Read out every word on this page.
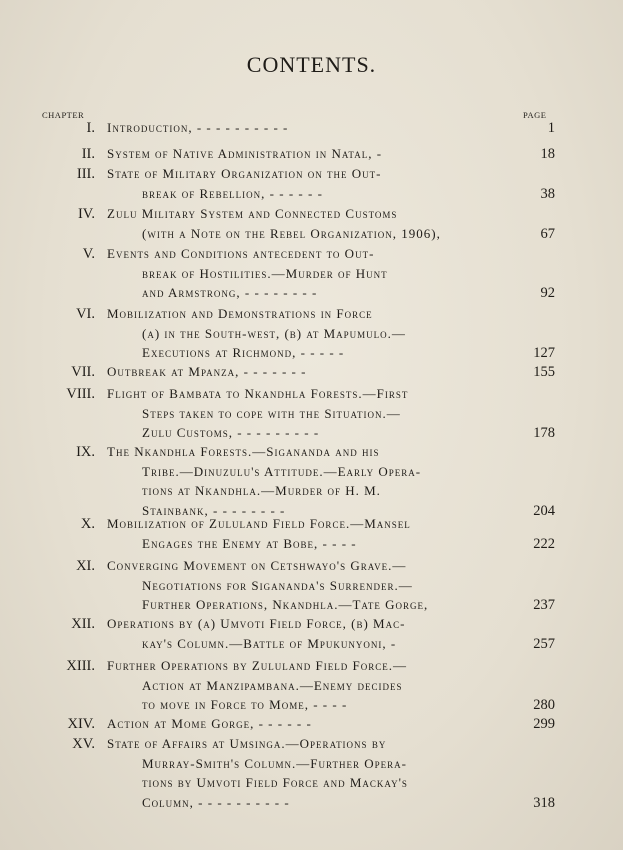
CONTENTS.
CHAPTER	PAGE
I. Introduction, - - - - - - - - - -	1
II. System of Native Administration in Natal, -	18
III. State of Military Organization on the Out-
break of Rebellion, - - - - - -	38
IV. Zulu Military System and Connected Customs
(with a Note on the Rebel Organization, 1906),	67
V. Events and Conditions antecedent to Out-
break of Hostilities.—Murder of Hunt
and Armstrong, - - - - - - - -	92
VI. Mobilization and Demonstrations in Force
(a) in the South-west, (b) at Mapumulo.—
Executions at Richmond, - - - - -	127
VII. Outbreak at Mpanza, - - - - - - -	155
VIII. Flight of Bambata to Nkandhla Forests.—First
Steps taken to cope with the Situation.—
Zulu Customs, - - - - - - - - -	178
IX. The Nkandhla Forests.—Siganandа and his
Tribe.—Dinuzulu's Attitude.—Early Opera-
tions at Nkandhla.—Murder of H. M.
Stainbank, - - - - - - - -	204
X. Mobilization of Zululand Field Force.—Mansel
Engages the Enemy at Bobe, - - - -	222
XI. Converging Movement on Cetshwayo's Grave.—
Negotiations for Sigananda's Surrender.—
Further Operations, Nkandhla.—Tate Gorge,	237
XII. Operations by (a) Umvoti Field Force, (b) Mac-
kay's Column.—Battle of Mpukunyoni, -	257
XIII. Further Operations by Zululand Field Force.—
Action at Manzipambana.—Enemy decides
to move in Force to Mome, - - - -	280
XIV. Action at Mome Gorge, - - - - - -	299
XV. State of Affairs at Umsinga.—Operations by
Murray-Smith's Column.—Further Opera-
tions by Umvoti Field Force and Mackay's
Column, - - - - - - - - - -	318
